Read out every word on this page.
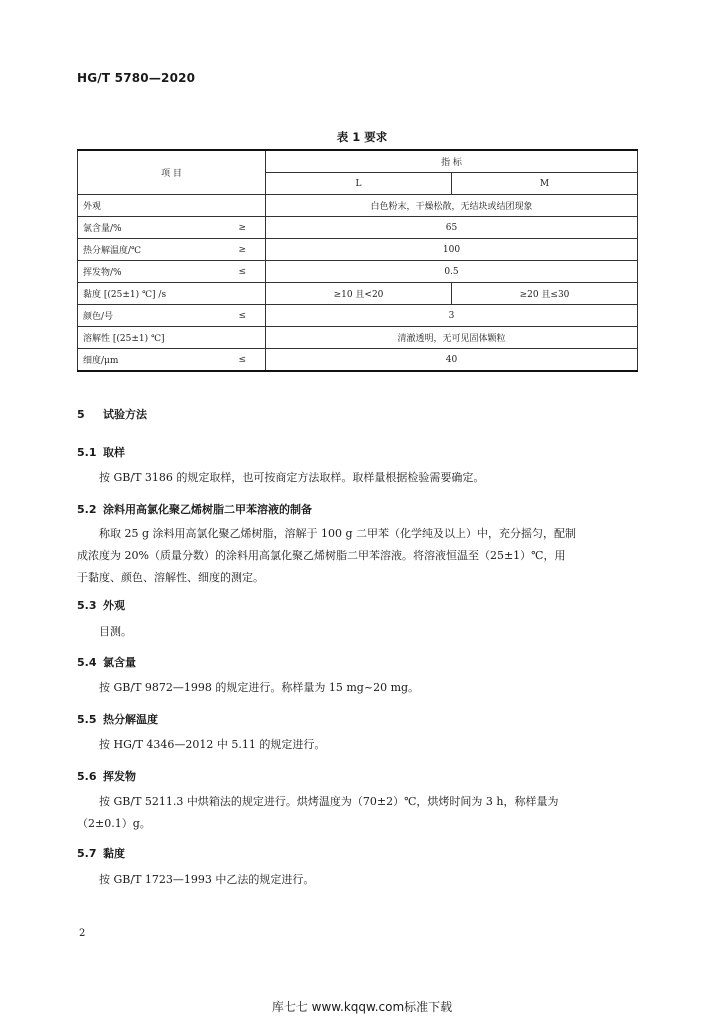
HG/T 5780—2020
表 1 要求
项 目	指 标	
	L	M

外观	白色粉末，干燥松散，无结块或结团现象	

氯含量/% ≥	65	

热分解温度/℃ ≥	100	

挥发物/% ≤	0.5	

黏度 [(25±1) ℃] /s	≥10 且<20	≥20 且≤30

颜色/号 ≤	3	

溶解性 [(25±1) ℃]	清澈透明，无可见固体颗粒	

细度/μm ≤	40	
5 试验方法
5.1 取样
按 GB/T 3186 的规定取样，也可按商定方法取样。取样量根据检验需要确定。
5.2 涂料用高氯化聚乙烯树脂二甲苯溶液的制备
称取 25 g 涂料用高氯化聚乙烯树脂，溶解于 100 g 二甲苯（化学纯及以上）中，充分摇匀，配制
成浓度为 20%（质量分数）的涂料用高氯化聚乙烯树脂二甲苯溶液。将溶液恒温至（25±1）℃，用
于黏度、颜色、溶解性、细度的测定。
5.3 外观
目测。
5.4 氯含量
按 GB/T 9872—1998 的规定进行。称样量为 15 mg~20 mg。
5.5 热分解温度
按 HG/T 4346—2012 中 5.11 的规定进行。
5.6 挥发物
按 GB/T 5211.3 中烘箱法的规定进行。烘烤温度为（70±2）℃，烘烤时间为 3 h，称样量为
（2±0.1）g。
5.7 黏度
按 GB/T 1723—1993 中乙法的规定进行。
2
库七七 www.kqqw.com标准下载
